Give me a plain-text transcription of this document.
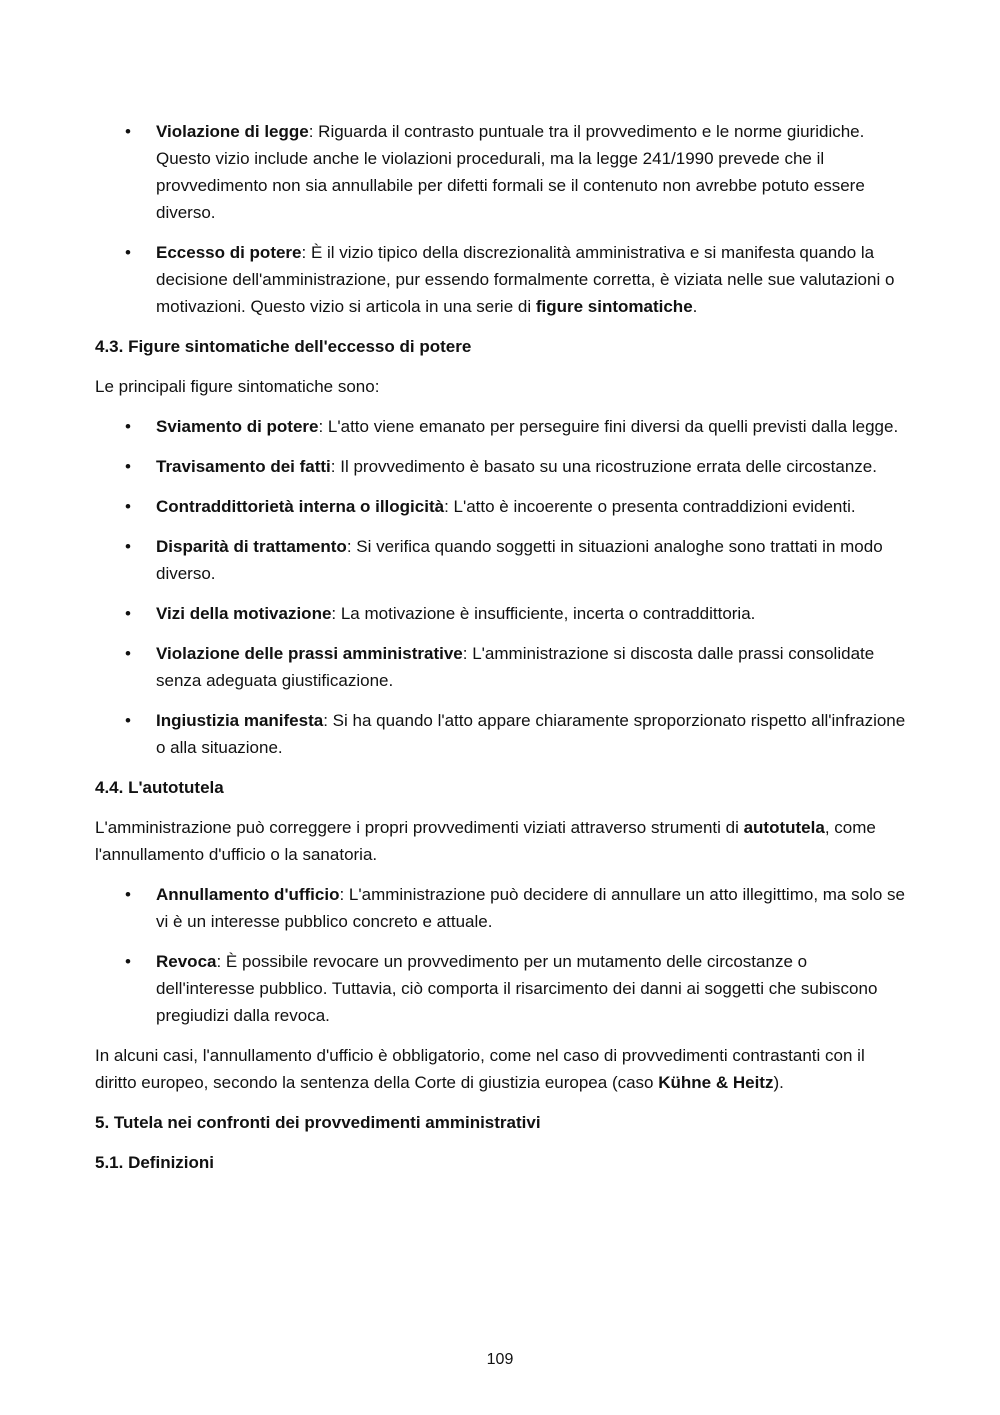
• Violazione di legge: Riguarda il contrasto puntuale tra il provvedimento e le norme giuridiche. Questo vizio include anche le violazioni procedurali, ma la legge 241/1990 prevede che il provvedimento non sia annullabile per difetti formali se il contenuto non avrebbe potuto essere diverso.
• Eccesso di potere: È il vizio tipico della discrezionalità amministrativa e si manifesta quando la decisione dell'amministrazione, pur essendo formalmente corretta, è viziata nelle sue valutazioni o motivazioni. Questo vizio si articola in una serie di figure sintomatiche.
4.3. Figure sintomatiche dell'eccesso di potere

Le principali figure sintomatiche sono:

• Sviamento di potere: L'atto viene emanato per perseguire fini diversi da quelli previsti dalla legge.
• Travisamento dei fatti: Il provvedimento è basato su una ricostruzione errata delle circostanze.
• Contraddittorietà interna o illogicità: L'atto è incoerente o presenta contraddizioni evidenti.
• Disparità di trattamento: Si verifica quando soggetti in situazioni analoghe sono trattati in modo diverso.
• Vizi della motivazione: La motivazione è insufficiente, incerta o contraddittoria.
• Violazione delle prassi amministrative: L'amministrazione si discosta dalle prassi consolidate senza adeguata giustificazione.
• Ingiustizia manifesta: Si ha quando l'atto appare chiaramente sproporzionato rispetto all'infrazione o alla situazione.
4.4. L'autotutela

L'amministrazione può correggere i propri provvedimenti viziati attraverso strumenti di autotutela, come l'annullamento d'ufficio o la sanatoria.

• Annullamento d'ufficio: L'amministrazione può decidere di annullare un atto illegittimo, ma solo se vi è un interesse pubblico concreto e attuale.
• Revoca: È possibile revocare un provvedimento per un mutamento delle circostanze o dell'interesse pubblico. Tuttavia, ciò comporta il risarcimento dei danni ai soggetti che subiscono pregiudizi dalla revoca.

In alcuni casi, l'annullamento d'ufficio è obbligatorio, come nel caso di provvedimenti contrastanti con il diritto europeo, secondo la sentenza della Corte di giustizia europea (caso Kühne & Heitz).

5. Tutela nei confronti dei provvedimenti amministrativi
5.1. Definizioni
109
